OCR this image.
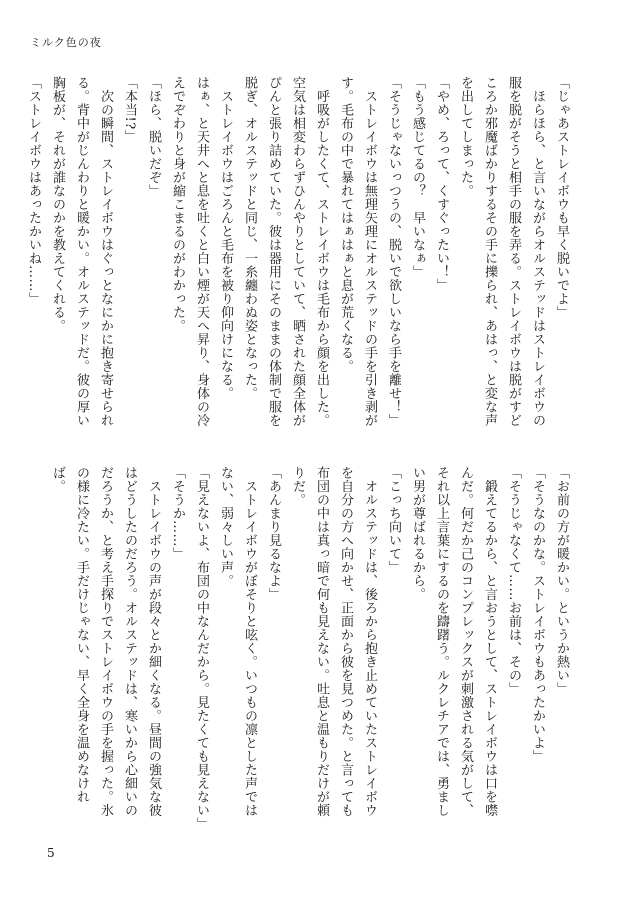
ミルク色の夜
「じゃあストレイボウも早く脱いでよ」
　ほらほら、と言いながらオルステッドはストレイボウの
服を脱がそうと相手の服を弄る。ストレイボウは脱がすど
ころか邪魔ばかりするその手に擽られ、あはっ、と変な声
を出してしまった。
「やめ、ろって、くすぐったい！」
「もう感じてるの？　早いなぁ」
「そうじゃないっつうの、脱いで欲しいなら手を離せ！」
　ストレイボウは無理矢理にオルステッドの手を引き剥が
す。毛布の中で暴れてはぁはぁと息が荒くなる。
　呼吸がしたくて、ストレイボウは毛布から顔を出した。
空気は相変わらずひんやりとしていて、晒された顔全体が
ぴんと張り詰めていた。彼は器用にそのままの体制で服を
脱ぎ、オルステッドと同じ、一糸纏わぬ姿となった。
　ストレイボウはごろんと毛布を被り仰向けになる。
はぁ、と天井へと息を吐くと白い煙が天へ昇り、身体の冷
えでぞわりと身が縮こまるのがわかった。
「ほら、脱いだぞ」
「本当!?」
　次の瞬間、ストレイボウはぐっとなにかに抱き寄せられ
る。背中がじんわりと暖かい。オルステッドだ。彼の厚い
胸板が、それが誰なのかを教えてくれる。
「ストレイボウはあったかいね……」
「お前の方が暖かい。というか熱い」
「そうなのかな。ストレイボウもあったかいよ」
「そうじゃなくて……お前は、その」
　鍛えてるから、と言おうとして、ストレイボウは口を噤
んだ。何だか己のコンプレックスが刺激される気がして、
それ以上言葉にするのを躊躇う。ルクレチアでは、勇まし
い男が尊ばれるから。
「こっち向いて」
　オルステッドは、後ろから抱き止めていたストレイボウ
を自分の方へ向かせ、正面から彼を見つめた。と言っても
布団の中は真っ暗で何も見えない。吐息と温もりだけが頼
りだ。
「あんまり見るなよ」
　ストレイボウがぼそりと呟く。いつもの凛とした声では
ない、弱々しい声。
「見えないよ、布団の中なんだから。見たくても見えない」
「そうか……」
　ストレイボウの声が段々とか細くなる。昼間の強気な彼
はどうしたのだろう。オルステッドは、寒いから心細いの
だろうか、と考え手探りでストレイボウの手を握った。氷
の様に冷たい。手だけじゃない、早く全身を温めなけれ
ば。
5
